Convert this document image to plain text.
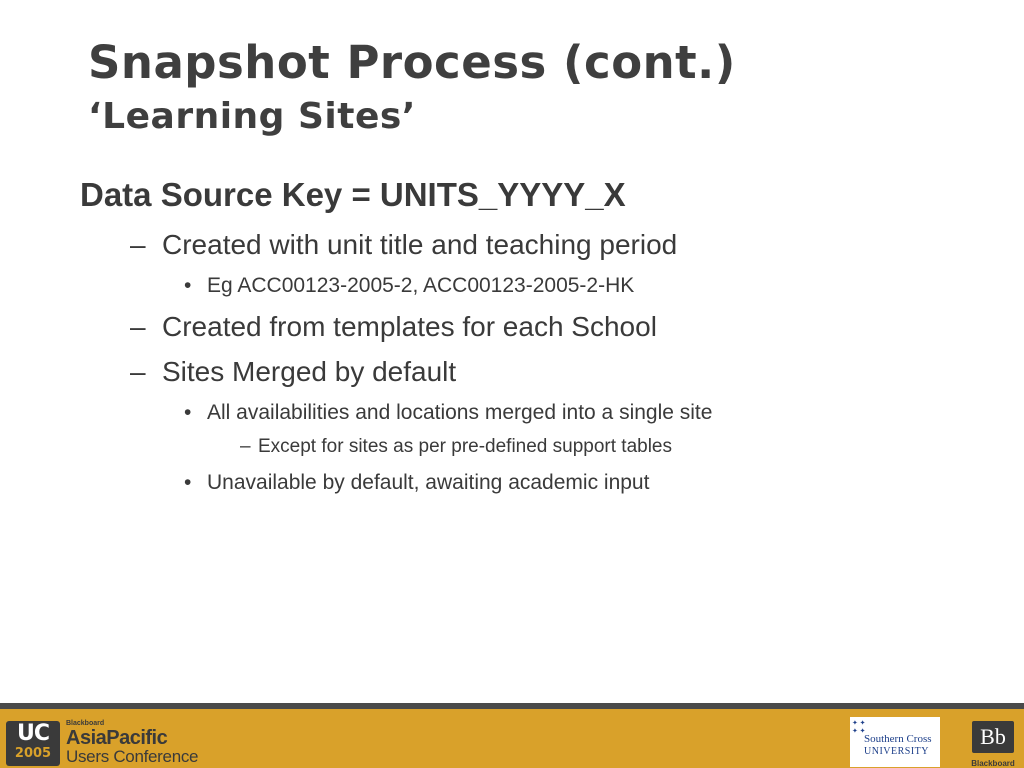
Snapshot Process (cont.)
‘Learning Sites’
Data Source Key = UNITS_YYYY_X
– Created with unit title and teaching period
• Eg ACC00123-2005-2, ACC00123-2005-2-HK
– Created from templates for each School
– Sites Merged by default
• All availabilities and locations merged into a single site
– Except for sites as per pre-defined support tables
• Unavailable by default, awaiting academic input
UC
2005
Blackboard
AsiaPacific
Users Conference
✦ ✦ ✦ ✦
Southern Cross
UNIVERSITY
Bb
Blackboard
